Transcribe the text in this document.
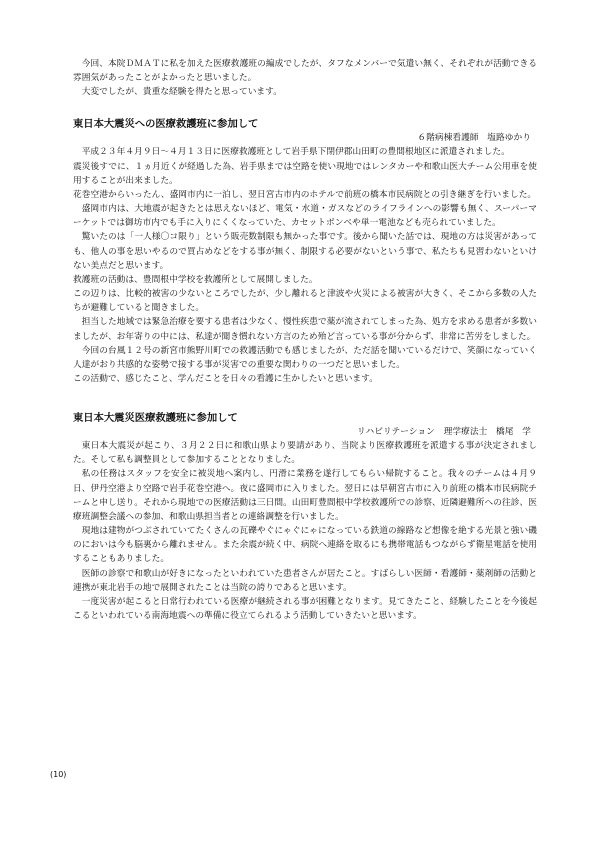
今回、本院ＤＭＡＴに私を加えた医療救護班の編成でしたが、タフなメンバーで気遣い無く、それぞれが活動できる雰囲気があったことがよかったと思いました。

大変でしたが、貴重な経験を得たと思っています。

東日本大震災への医療救護班に参加して

６階病棟看護師　塩路ゆかり

平成２３年４月９日〜４月１３日に医療救護班として岩手県下閉伊郡山田町の豊間根地区に派遣されました。

震災後すでに、１ヵ月近くが経過した為、岩手県までは空路を使い現地ではレンタカーや和歌山医大チーム公用車を使用することが出来ました。

花巻空港からいったん、盛岡市内に一泊し、翌日宮古市内のホテルで前班の橋本市民病院との引き継ぎを行いました。

盛岡市内は、大地震が起きたとは思えないほど、電気・水道・ガスなどのライフラインへの影響も無く、スーパーマーケットでは御坊市内でも手に入りにくくなっていた、カセットボンベや単一電池なども売られていました。

驚いたのは「一人様〇コ限り」という販売数制限も無かった事です。後から聞いた話では、現地の方は災害があっても、他人の事を思いやるので買占めなどをする事が無く、制限する必要がないという事で、私たちも見習わないといけない美点だと思います。

救護班の活動は、豊間根中学校を救護所として展開しました。

この辺りは、比較的被害の少ないところでしたが、少し離れると津波や火災による被害が大きく、そこから多数の人たちが避難していると聞きました。

担当した地域では緊急治療を要する患者は少なく、慢性疾患で薬が流されてしまった為、処方を求める患者が多数いましたが、お年寄りの中には、私達が聞き慣れない方言のため殆ど言っている事が分からず、非常に苦労をしました。

今回の台風１２号の新宮市熊野川町での救護活動でも感じましたが、ただ話を聞いているだけで、笑顔になっていく人達がおり共感的な姿勢で接する事が災害での重要な関わりの一つだと思いました。

この活動で、感じたこと、学んだことを日々の看護に生かしたいと思います。

東日本大震災医療救護班に参加して

リハビリテーション　理学療法士　橋尾　学

東日本大震災が起こり、３月２２日に和歌山県より要請があり、当院より医療救護班を派遣する事が決定されました。そして私も調整員として参加することとなりました。

私の任務はスタッフを安全に被災地へ案内し、円滑に業務を遂行してもらい帰院すること。我々のチームは４月９日、伊丹空港より空路で岩手花巻空港へ。夜に盛岡市に入りました。翌日には早朝宮古市に入り前班の橋本市民病院チームと申し送り。それから現地での医療活動は三日間。山田町豊間根中学校救護所での診察、近隣避難所への往診、医療班調整会議への参加、和歌山県担当者との連絡調整を行いました。

現地は建物がつぶされていてたくさんの瓦礫やぐにゃぐにゃになっている鉄道の線路など想像を絶する光景と強い磯のにおいは今も脳裏から離れません。また余震が続く中、病院へ連絡を取るにも携帯電話もつながらず衛星電話を使用することもありました。

医師の診察で和歌山が好きになったといわれていた患者さんが居たこと。すばらしい医師・看護師・薬剤師の活動と連携が東北岩手の地で展開されたことは当院の誇りであると思います。

一度災害が起こると日常行われている医療が継続される事が困難となります。見てきたこと、経験したことを今後起こるといわれている南海地震への準備に役立てられるよう活動していきたいと思います。

(10)
